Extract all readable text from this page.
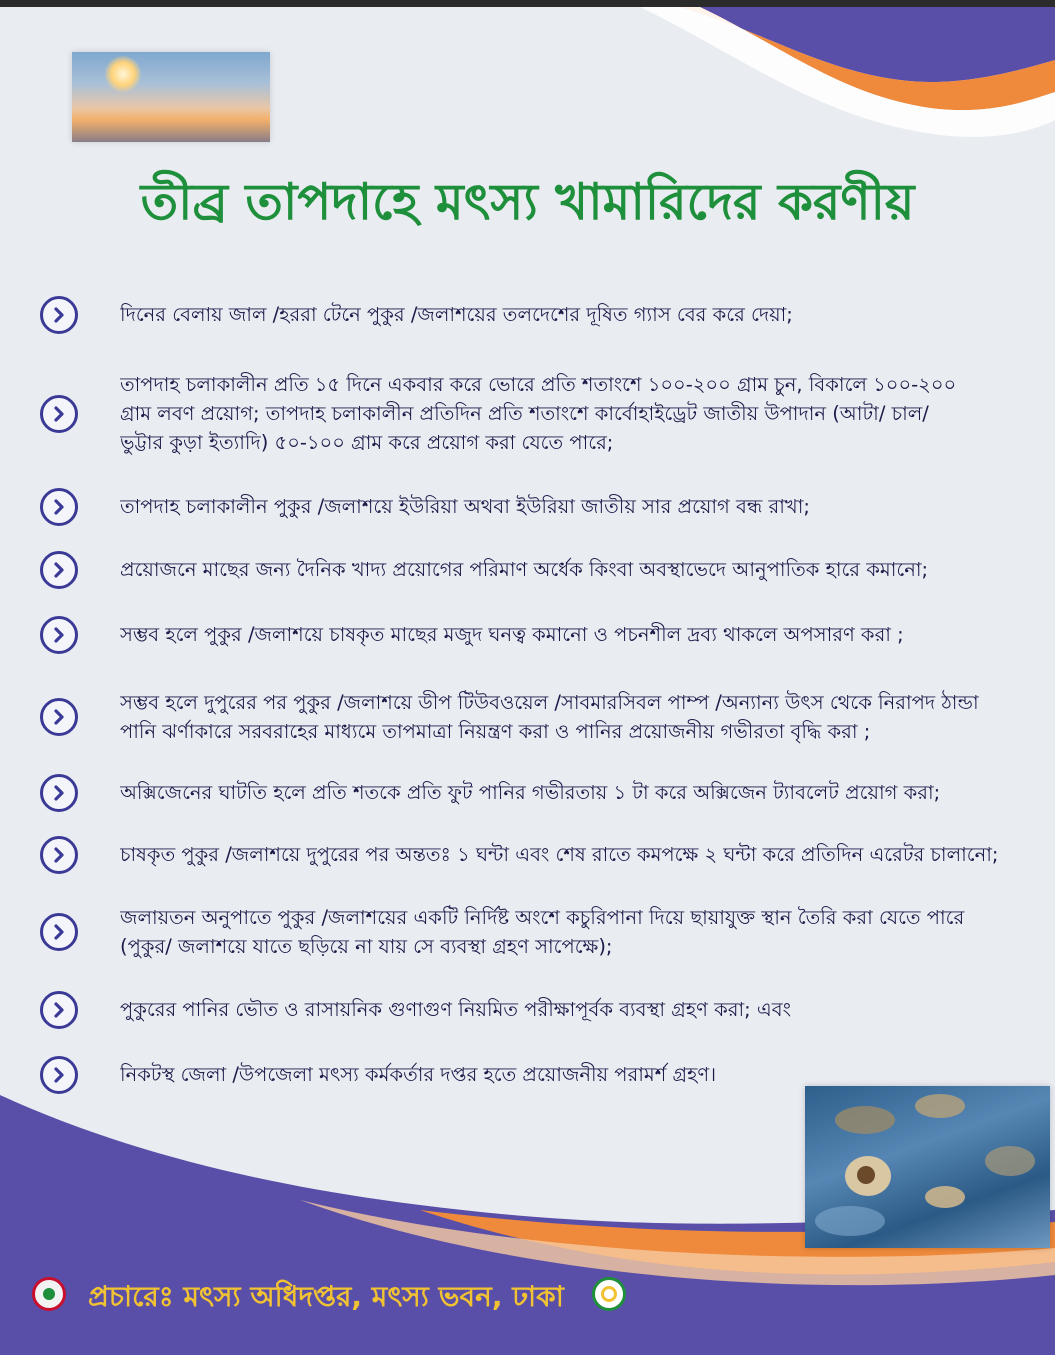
তীব্র তাপদাহে মৎস্য খামারিদের করণীয়
দিনের বেলায় জাল /হররা টেনে পুকুর /জলাশয়ের তলদেশের দূষিত গ্যাস বের করে দেয়া;
তাপদাহ চলাকালীন প্রতি ১৫ দিনে একবার করে ভোরে প্রতি শতাংশে ১০০-২০০ গ্রাম চুন, বিকালে ১০০-২০০
গ্রাম লবণ প্রয়োগ; তাপদাহ চলাকালীন প্রতিদিন প্রতি শতাংশে কার্বোহাইড্রেট জাতীয় উপাদান (আটা/ চাল/
ভুট্টার কুড়া ইত্যাদি) ৫০-১০০ গ্রাম করে প্রয়োগ করা যেতে পারে;
তাপদাহ চলাকালীন পুকুর /জলাশয়ে ইউরিয়া অথবা ইউরিয়া জাতীয় সার প্রয়োগ বন্ধ রাখা;
প্রয়োজনে মাছের জন্য দৈনিক খাদ্য প্রয়োগের পরিমাণ অর্ধেক কিংবা অবস্থাভেদে আনুপাতিক হারে কমানো;
সম্ভব হলে পুকুর /জলাশয়ে চাষকৃত মাছের মজুদ ঘনত্ব কমানো ও পচনশীল দ্রব্য থাকলে অপসারণ করা ;
সম্ভব হলে দুপুরের পর পুকুর /জলাশয়ে ডীপ টিউবওয়েল /সাবমারসিবল পাম্প /অন্যান্য উৎস থেকে নিরাপদ ঠান্ডা
পানি ঝর্ণাকারে সরবরাহের মাধ্যমে তাপমাত্রা নিয়ন্ত্রণ করা ও পানির প্রয়োজনীয় গভীরতা বৃদ্ধি করা ;
অক্সিজেনের ঘাটতি হলে প্রতি শতকে প্রতি ফুট পানির গভীরতায় ১ টা করে অক্সিজেন ট্যাবলেট প্রয়োগ করা;
চাষকৃত পুকুর /জলাশয়ে দুপুরের পর অন্ততঃ ১ ঘন্টা এবং শেষ রাতে কমপক্ষে ২ ঘন্টা করে প্রতিদিন এরেটর চালানো;
জলায়তন অনুপাতে পুকুর /জলাশয়ের একটি নির্দিষ্ট অংশে কচুরিপানা দিয়ে ছায়াযুক্ত স্থান তৈরি করা যেতে পারে
(পুকুর/ জলাশয়ে যাতে ছড়িয়ে না যায় সে ব্যবস্থা গ্রহণ সাপেক্ষে);
পুকুরের পানির ভৌত ও রাসায়নিক গুণাগুণ নিয়মিত পরীক্ষাপূর্বক ব্যবস্থা গ্রহণ করা; এবং
নিকটস্থ জেলা /উপজেলা মৎস্য কর্মকর্তার দপ্তর হতে প্রয়োজনীয় পরামর্শ গ্রহণ।
প্রচারেঃ মৎস্য অধিদপ্তর, মৎস্য ভবন, ঢাকা
